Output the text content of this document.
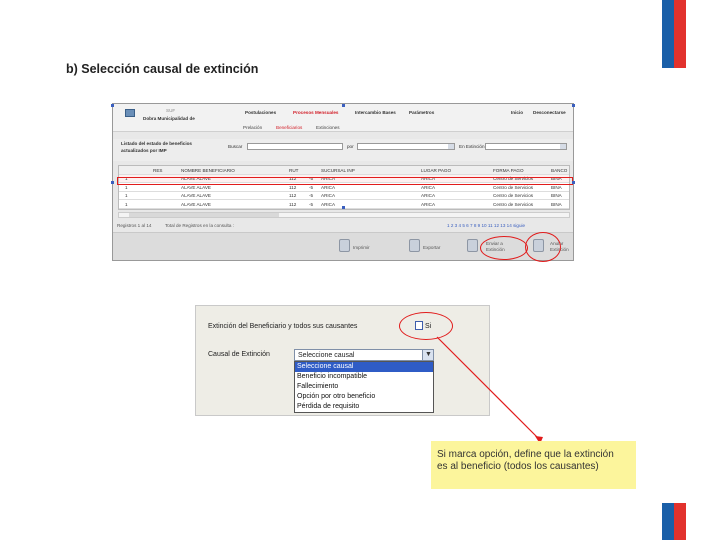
b) Selección causal de extinción
SUF
Dobra Municipalidad de
Postulaciones	Procesos Mensuales	Intercambio Bases	Parámetros	Inicio Desconectarse
Prelación	Beneficiarios	Extinciones
Listado del estado de beneficios
actualizados por IMP
Buscar	por	En Extinción
RES	NOMBRE BENEFICIARIO	RUT	SUCURSAL INP	LUGAR PAGO	FORMA PAGO	BANCO
1	ALAVE ALAVE	112	-5 ARICA	ARICA	Centro de Servicios	BINA
1	ALAVE ALAVE	112	-5 ARICA	ARICA	Centro de Servicios	BINA
1	ALAVE ALAVE	112	-5 ARICA	ARICA	Centro de Servicios	BINA
1	ALAVE ALAVE	112	-5 ARICA	ARICA	Centro de Servicios	BINA
Registros 1 al 14	Total de Registros en la consulta :	1 2 3 4 5 6 7 8 9 10 11 12 13 14 siguie
Imprimir	Exportar
Enviar a Extinción
Anular Extinción
Extinción del Beneficiario y todos sus causantes	Si
Causal de Extinción	Seleccione causal	▼
Seleccione causal
Beneficio incompatible
Fallecimiento
Opción por otro beneficio
Pérdida de requisito
Si marca opción, define que la extinción
es al beneficio (todos los causantes)
